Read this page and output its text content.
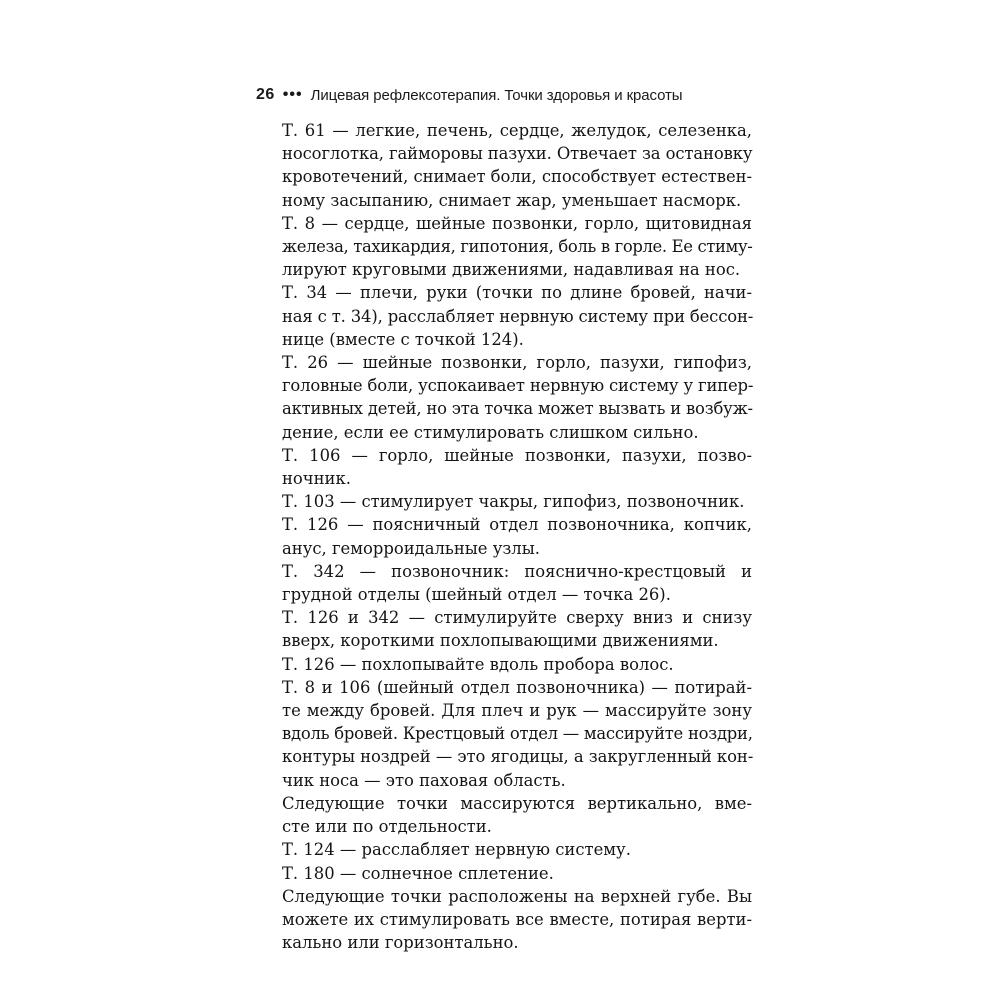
26 ••• Лицевая рефлексотерапия. Точки здоровья и красоты

Т. 61 — легкие, печень, сердце, желудок, селезенка,
носоглотка, гайморовы пазухи. Отвечает за остановку
кровотечений, снимает боли, способствует естествен-
ному засыпанию, снимает жар, уменьшает насморк.

Т. 8 — сердце, шейные позвонки, горло, щитовидная
железа, тахикардия, гипотония, боль в горле. Ее стиму-
лируют круговыми движениями, надавливая на нос.

Т. 34 — плечи, руки (точки по длине бровей, начи-
ная с т. 34), расслабляет нервную систему при бессон-
нице (вместе с точкой 124).

Т. 26 — шейные позвонки, горло, пазухи, гипофиз,
головные боли, успокаивает нервную систему у гипер-
активных детей, но эта точка может вызвать и возбуж-
дение, если ее стимулировать слишком сильно.

Т. 106 — горло, шейные позвонки, пазухи, позво-
ночник.

Т. 103 — стимулирует чакры, гипофиз, позвоночник.

Т. 126 — поясничный отдел позвоночника, копчик,
анус, геморроидальные узлы.

Т. 342 — позвоночник: пояснично-крестцовый и
грудной отделы (шейный отдел — точка 26).

Т. 126 и 342 — стимулируйте сверху вниз и снизу
вверх, короткими похлопывающими движениями.

Т. 126 — похлопывайте вдоль пробора волос.

Т. 8 и 106 (шейный отдел позвоночника) — потирай-
те между бровей. Для плеч и рук — массируйте зону
вдоль бровей. Крестцовый отдел — массируйте ноздри,
контуры ноздрей — это ягодицы, а закругленный кон-
чик носа — это паховая область.

Следующие точки массируются вертикально, вме-
сте или по отдельности.

Т. 124 — расслабляет нервную систему.

Т. 180 — солнечное сплетение.

Следующие точки расположены на верхней губе. Вы
можете их стимулировать все вместе, потирая верти-
кально или горизонтально.
